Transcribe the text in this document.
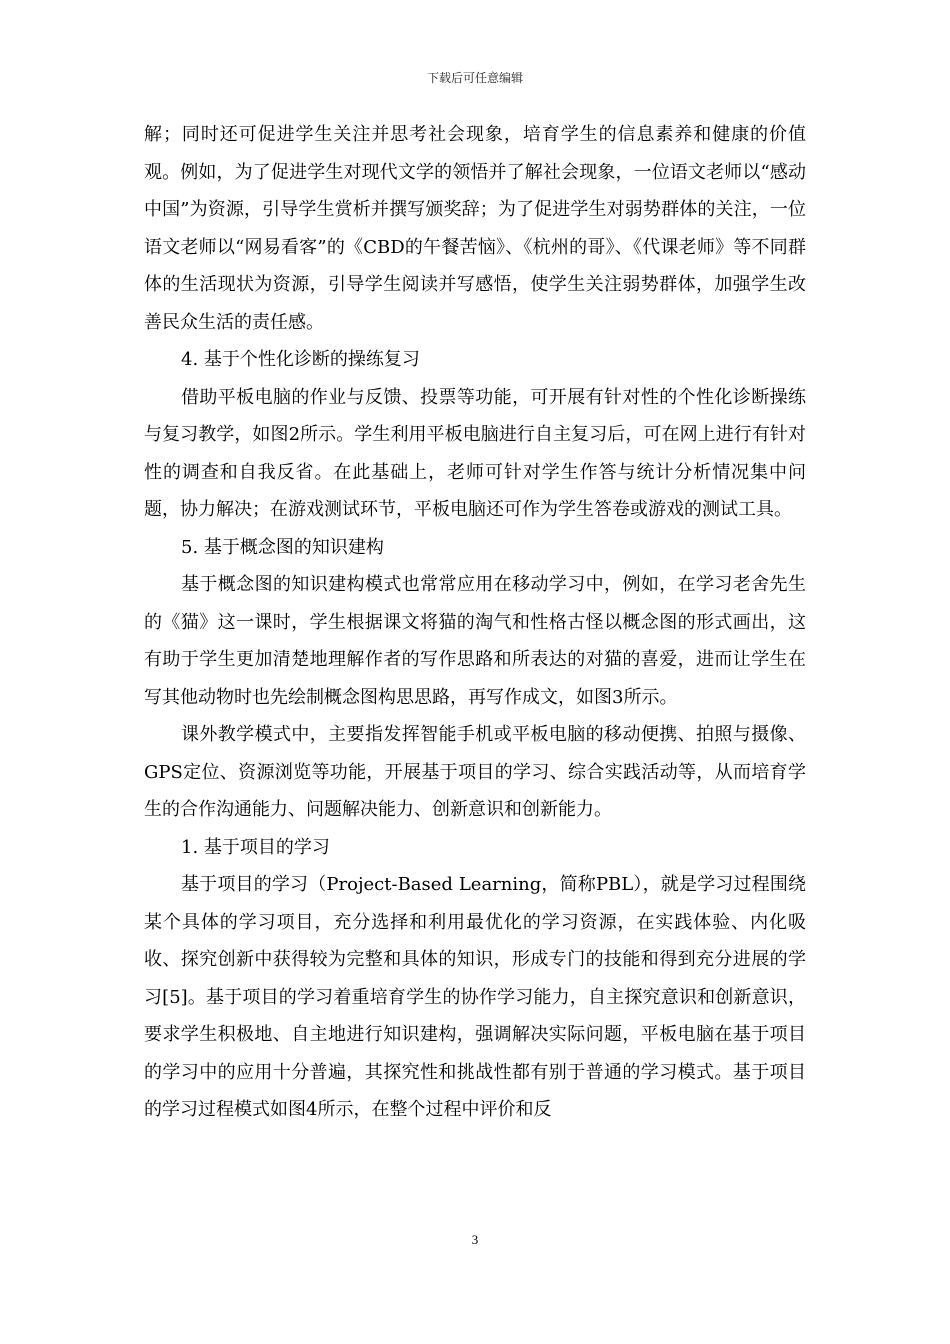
下载后可任意编辑

解；同时还可促进学生关注并思考社会现象，培育学生的信息素养和健康的价值观。例如，为了促进学生对现代文学的领悟并了解社会现象，一位语文老师以“感动中国”为资源，引导学生赏析并撰写颁奖辞；为了促进学生对弱势群体的关注，一位语文老师以“网易看客”的《CBD的午餐苦恼》、《杭州的哥》、《代课老师》等不同群体的生活现状为资源，引导学生阅读并写感悟，使学生关注弱势群体，加强学生改善民众生活的责任感。

4. 基于个性化诊断的操练复习

借助平板电脑的作业与反馈、投票等功能，可开展有针对性的个性化诊断操练与复习教学，如图2所示。学生利用平板电脑进行自主复习后，可在网上进行有针对性的调查和自我反省。在此基础上，老师可针对学生作答与统计分析情况集中问题，协力解决；在游戏测试环节，平板电脑还可作为学生答卷或游戏的测试工具。

5. 基于概念图的知识建构

基于概念图的知识建构模式也常常应用在移动学习中，例如，在学习老舍先生的《猫》这一课时，学生根据课文将猫的淘气和性格古怪以概念图的形式画出，这有助于学生更加清楚地理解作者的写作思路和所表达的对猫的喜爱，进而让学生在写其他动物时也先绘制概念图构思思路，再写作成文，如图3所示。

课外教学模式中，主要指发挥智能手机或平板电脑的移动便携、拍照与摄像、GPS定位、资源浏览等功能，开展基于项目的学习、综合实践活动等，从而培育学生的合作沟通能力、问题解决能力、创新意识和创新能力。

1. 基于项目的学习

基于项目的学习（Project-Based Learning，简称PBL），就是学习过程围绕某个具体的学习项目，充分选择和利用最优化的学习资源，在实践体验、内化吸收、探究创新中获得较为完整和具体的知识，形成专门的技能和得到充分进展的学习[5]。基于项目的学习着重培育学生的协作学习能力，自主探究意识和创新意识，要求学生积极地、自主地进行知识建构，强调解决实际问题，平板电脑在基于项目的学习中的应用十分普遍，其探究性和挑战性都有别于普通的学习模式。基于项目的学习过程模式如图4所示，在整个过程中评价和反

3
